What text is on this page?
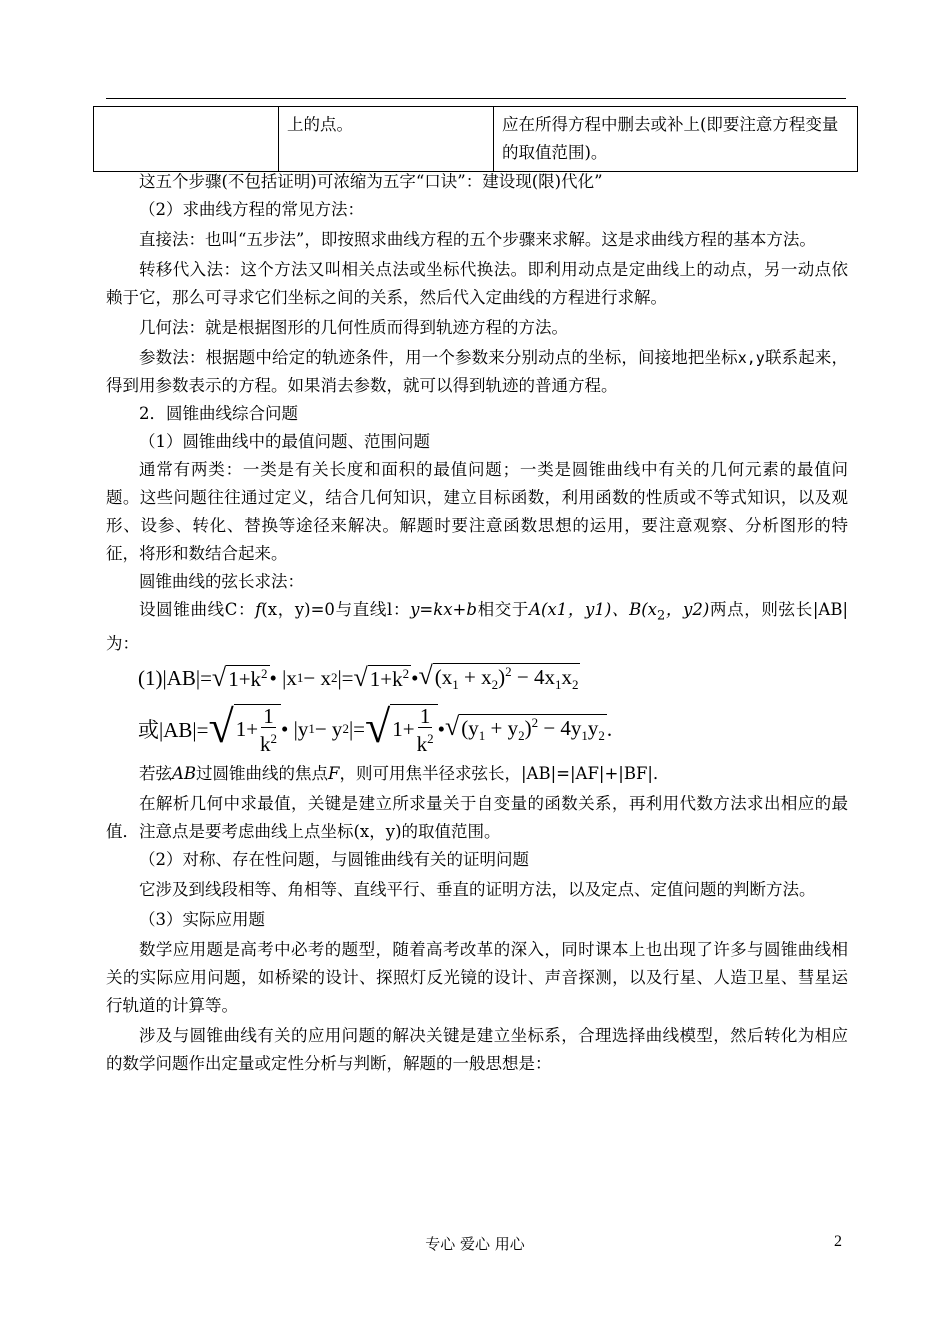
	上的点。	应在所得方程中删去或补上(即要注意方程变量的取值范围)。

这五个步骤(不包括证明)可浓缩为五字“口诀”：建设现(限)代化”

（2）求曲线方程的常见方法：

直接法：也叫“五步法”，即按照求曲线方程的五个步骤来求解。这是求曲线方程的基本方法。

转移代入法：这个方法又叫相关点法或坐标代换法。即利用动点是定曲线上的动点，另一动点依赖于它，那么可寻求它们坐标之间的关系，然后代入定曲线的方程进行求解。

几何法：就是根据图形的几何性质而得到轨迹方程的方法。

参数法：根据题中给定的轨迹条件，用一个参数来分别动点的坐标，间接地把坐标x,y联系起来，得到用参数表示的方程。如果消去参数，就可以得到轨迹的普通方程。

2．圆锥曲线综合问题

（1）圆锥曲线中的最值问题、范围问题

通常有两类：一类是有关长度和面积的最值问题；一类是圆锥曲线中有关的几何元素的最值问题。这些问题往往通过定义，结合几何知识，建立目标函数，利用函数的性质或不等式知识，以及观形、设参、转化、替换等途径来解决。解题时要注意函数思想的运用，要注意观察、分析图形的特征，将形和数结合起来。

圆锥曲线的弦长求法：

设圆锥曲线C：f(x，y)=0与直线l：y=kx+b相交于A(x1，y1)、$B(x_2$，y2)两点，则弦长|AB|为：

(1)|AB|= √ $1+k^2$ • |x 1 − x 2 |= √ $1+k^2$ • √ $(x_1 + x_2)^2 - 4x_1x_2$
或|AB|= √ $1+ \frac{1}{k^2}$ • |y 1 − y 2 |= √ $1+ \frac{1}{k^2}$ • √ $(y_1 + y_2)^2 - 4y_1y_2$ .

若弦AB过圆锥曲线的焦点F，则可用焦半径求弦长，|AB|=|AF|+|BF|．

在解析几何中求最值，关键是建立所求量关于自变量的函数关系，再利用代数方法求出相应的最值．注意点是要考虑曲线上点坐标(x，y)的取值范围。

（2）对称、存在性问题，与圆锥曲线有关的证明问题

它涉及到线段相等、角相等、直线平行、垂直的证明方法，以及定点、定值问题的判断方法。

（3）实际应用题

数学应用题是高考中必考的题型，随着高考改革的深入，同时课本上也出现了许多与圆锥曲线相关的实际应用问题，如桥梁的设计、探照灯反光镜的设计、声音探测，以及行星、人造卫星、彗星运行轨道的计算等。

涉及与圆锥曲线有关的应用问题的解决关键是建立坐标系，合理选择曲线模型，然后转化为相应的数学问题作出定量或定性分析与判断，解题的一般思想是：

专心 爱心 用心	2
